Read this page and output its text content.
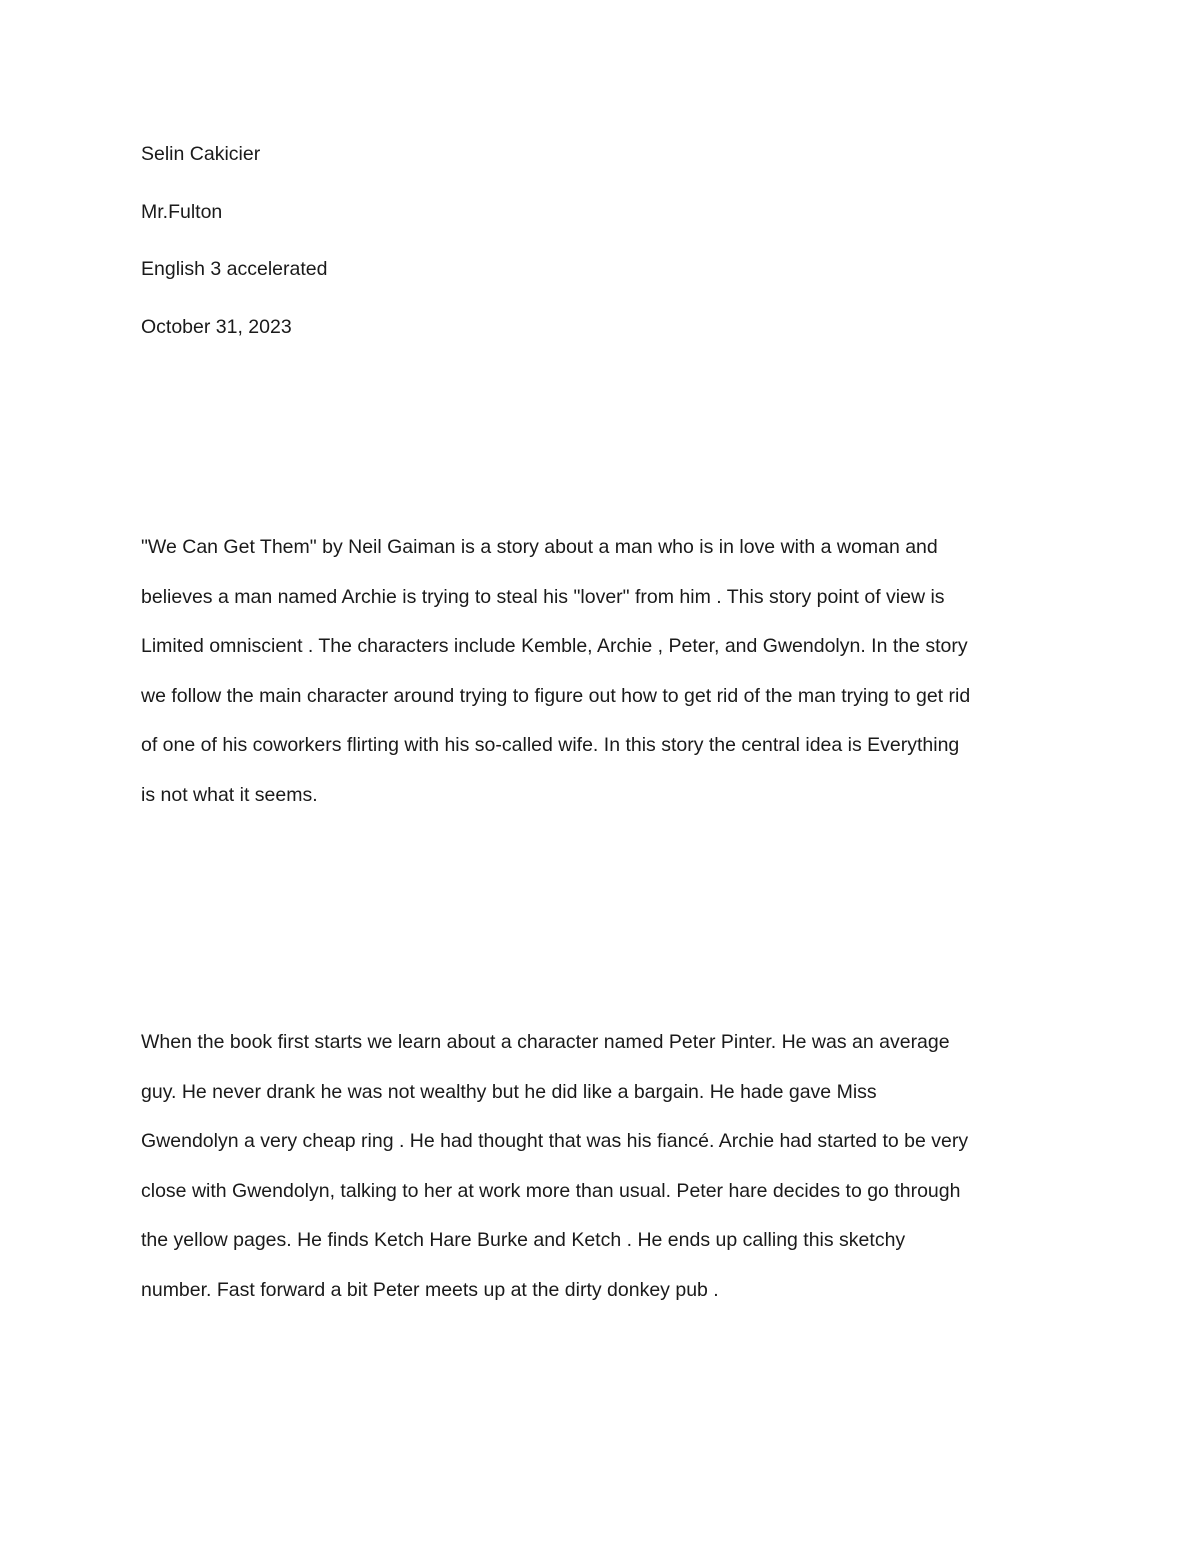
Selin Cakicier

Mr.Fulton

English 3 accelerated

October 31, 2023

"We Can Get Them" by Neil Gaiman is a story about a man who is in love with a woman and
believes a man named Archie is trying to steal his "lover" from him . This story point of view is
Limited omniscient . The characters include Kemble, Archie , Peter, and Gwendolyn. In the story
we follow the main character around trying to figure out how to get rid of the man trying to get rid
of one of his coworkers flirting with his so-called wife. In this story the central idea is Everything
is not what it seems.
When the book first starts we learn about a character named Peter Pinter. He was an average
guy. He never drank he was not wealthy but he did like a bargain. He hade gave Miss
Gwendolyn a very cheap ring . He had thought that was his fiancé. Archie had started to be very
close with Gwendolyn, talking to her at work more than usual. Peter hare decides to go through
the yellow pages. He finds Ketch Hare Burke and Ketch . He ends up calling this sketchy
number. Fast forward a bit Peter meets up at the dirty donkey pub .
